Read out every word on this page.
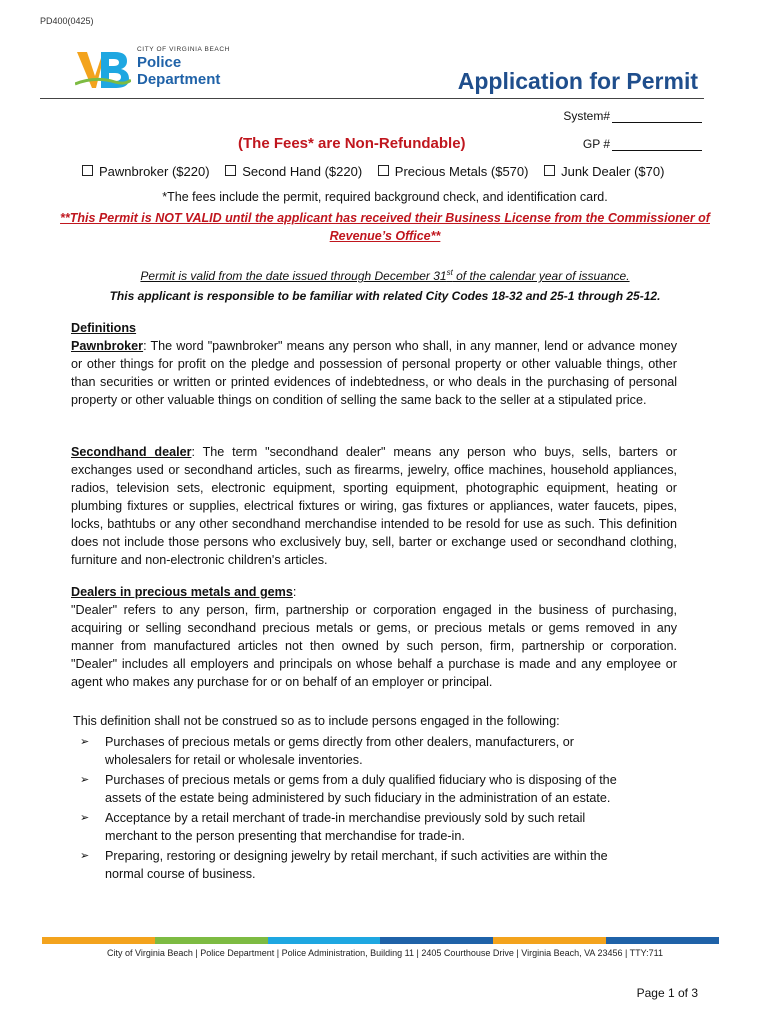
PD400(0425)
CITY OF VIRGINIA BEACH
Police
Department	Application for Permit
System#
(The Fees* are Non-Refundable)	GP #
Pawnbroker ($220)	Second Hand ($220)	Precious Metals ($570)	Junk Dealer ($70)
*The fees include the permit, required background check, and identification card.
**This Permit is NOT VALID until the applicant has received their Business License from the Commissioner of Revenue’s Office**
Permit is valid from the date issued through December 31st of the calendar year of issuance.
This applicant is responsible to be familiar with related City Codes 18-32 and 25-1 through 25-12.
Definitions
Pawnbroker: The word "pawnbroker" means any person who shall, in any manner, lend or advance money or other things for profit on the pledge and possession of personal property or other valuable things, other than securities or written or printed evidences of indebtedness, or who deals in the purchasing of personal property or other valuable things on condition of selling the same back to the seller at a stipulated price.
Secondhand dealer: The term "secondhand dealer" means any person who buys, sells, barters or exchanges used or secondhand articles, such as firearms, jewelry, office machines, household appliances, radios, television sets, electronic equipment, sporting equipment, photographic equipment, heating or plumbing fixtures or supplies, electrical fixtures or wiring, gas fixtures or appliances, water faucets, pipes, locks, bathtubs or any other secondhand merchandise intended to be resold for use as such. This definition does not include those persons who exclusively buy, sell, barter or exchange used or secondhand clothing, furniture and non-electronic children's articles.
Dealers in precious metals and gems:
"Dealer" refers to any person, firm, partnership or corporation engaged in the business of purchasing, acquiring or selling secondhand precious metals or gems, or precious metals or gems removed in any manner from manufactured articles not then owned by such person, firm, partnership or corporation. "Dealer" includes all employers and principals on whose behalf a purchase is made and any employee or agent who makes any purchase for or on behalf of an employer or principal.
This definition shall not be construed so as to include persons engaged in the following:
➢ Purchases of precious metals or gems directly from other dealers, manufacturers, or wholesalers for retail or wholesale inventories.
➢ Purchases of precious metals or gems from a duly qualified fiduciary who is disposing of the assets of the estate being administered by such fiduciary in the administration of an estate.
➢ Acceptance by a retail merchant of trade-in merchandise previously sold by such retail merchant to the person presenting that merchandise for trade-in.
➢ Preparing, restoring or designing jewelry by retail merchant, if such activities are within the normal course of business.
City of Virginia Beach | Police Department | Police Administration, Building 11 | 2405 Courthouse Drive | Virginia Beach, VA 23456 | TTY:711
Page 1 of 3
